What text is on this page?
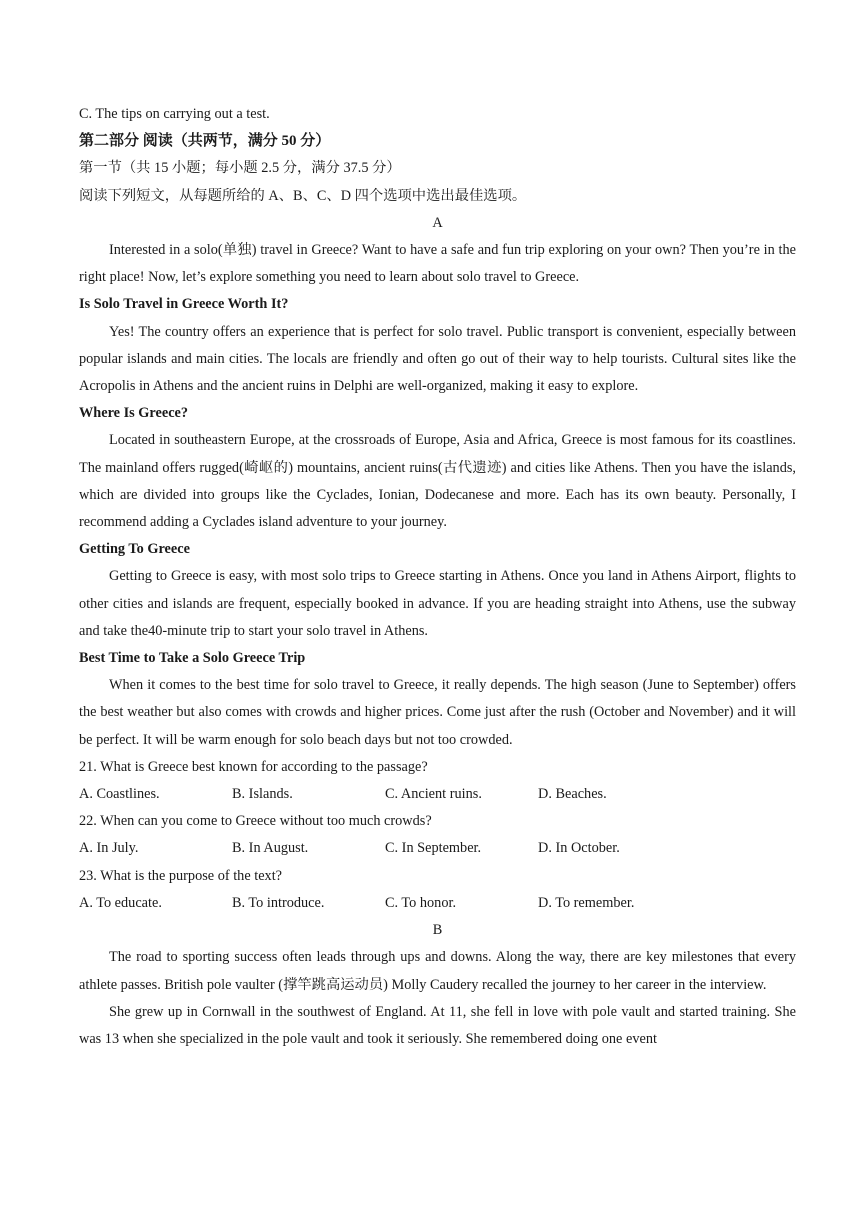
C. The tips on carrying out a test.

第二部分 阅读（共两节，满分 50 分）

第一节（共 15 小题；每小题 2.5 分，满分 37.5 分）

阅读下列短文，从每题所给的 A、B、C、D 四个选项中选出最佳选项。

A

Interested in a solo(单独) travel in Greece? Want to have a safe and fun trip exploring on your own? Then you’re in the right place! Now, let’s explore something you need to learn about solo travel to Greece.

Is Solo Travel in Greece Worth It?

Yes! The country offers an experience that is perfect for solo travel. Public transport is convenient, especially between popular islands and main cities. The locals are friendly and often go out of their way to help tourists. Cultural sites like the Acropolis in Athens and the ancient ruins in Delphi are well-organized, making it easy to explore.

Where Is Greece?

Located in southeastern Europe, at the crossroads of Europe, Asia and Africa, Greece is most famous for its coastlines. The mainland offers rugged(崎岖的) mountains, ancient ruins(古代遗迹) and cities like Athens. Then you have the islands, which are divided into groups like the Cyclades, Ionian, Dodecanese and more. Each has its own beauty. Personally, I recommend adding a Cyclades island adventure to your journey.

Getting To Greece

Getting to Greece is easy, with most solo trips to Greece starting in Athens. Once you land in Athens Airport, flights to other cities and islands are frequent, especially booked in advance. If you are heading straight into Athens, use the subway and take the40-minute trip to start your solo travel in Athens.

Best Time to Take a Solo Greece Trip

When it comes to the best time for solo travel to Greece, it really depends. The high season (June to September) offers the best weather but also comes with crowds and higher prices. Come just after the rush (October and November) and it will be perfect. It will be warm enough for solo beach days but not too crowded.

21. What is Greece best known for according to the passage?

A. Coastlines.	B. Islands.	C. Ancient ruins.	D. Beaches.

22. When can you come to Greece without too much crowds?

A. In July.	B. In August.	C. In September.	D. In October.

23. What is the purpose of the text?

A. To educate.	B. To introduce.	C. To honor.	D. To remember.

B

The road to sporting success often leads through ups and downs. Along the way, there are key milestones that every athlete passes. British pole vaulter (撑竿跳高运动员) Molly Caudery recalled the journey to her career in the interview.

She grew up in Cornwall in the southwest of England. At 11, she fell in love with pole vault and started training. She was 13 when she specialized in the pole vault and took it seriously. She remembered doing one event
